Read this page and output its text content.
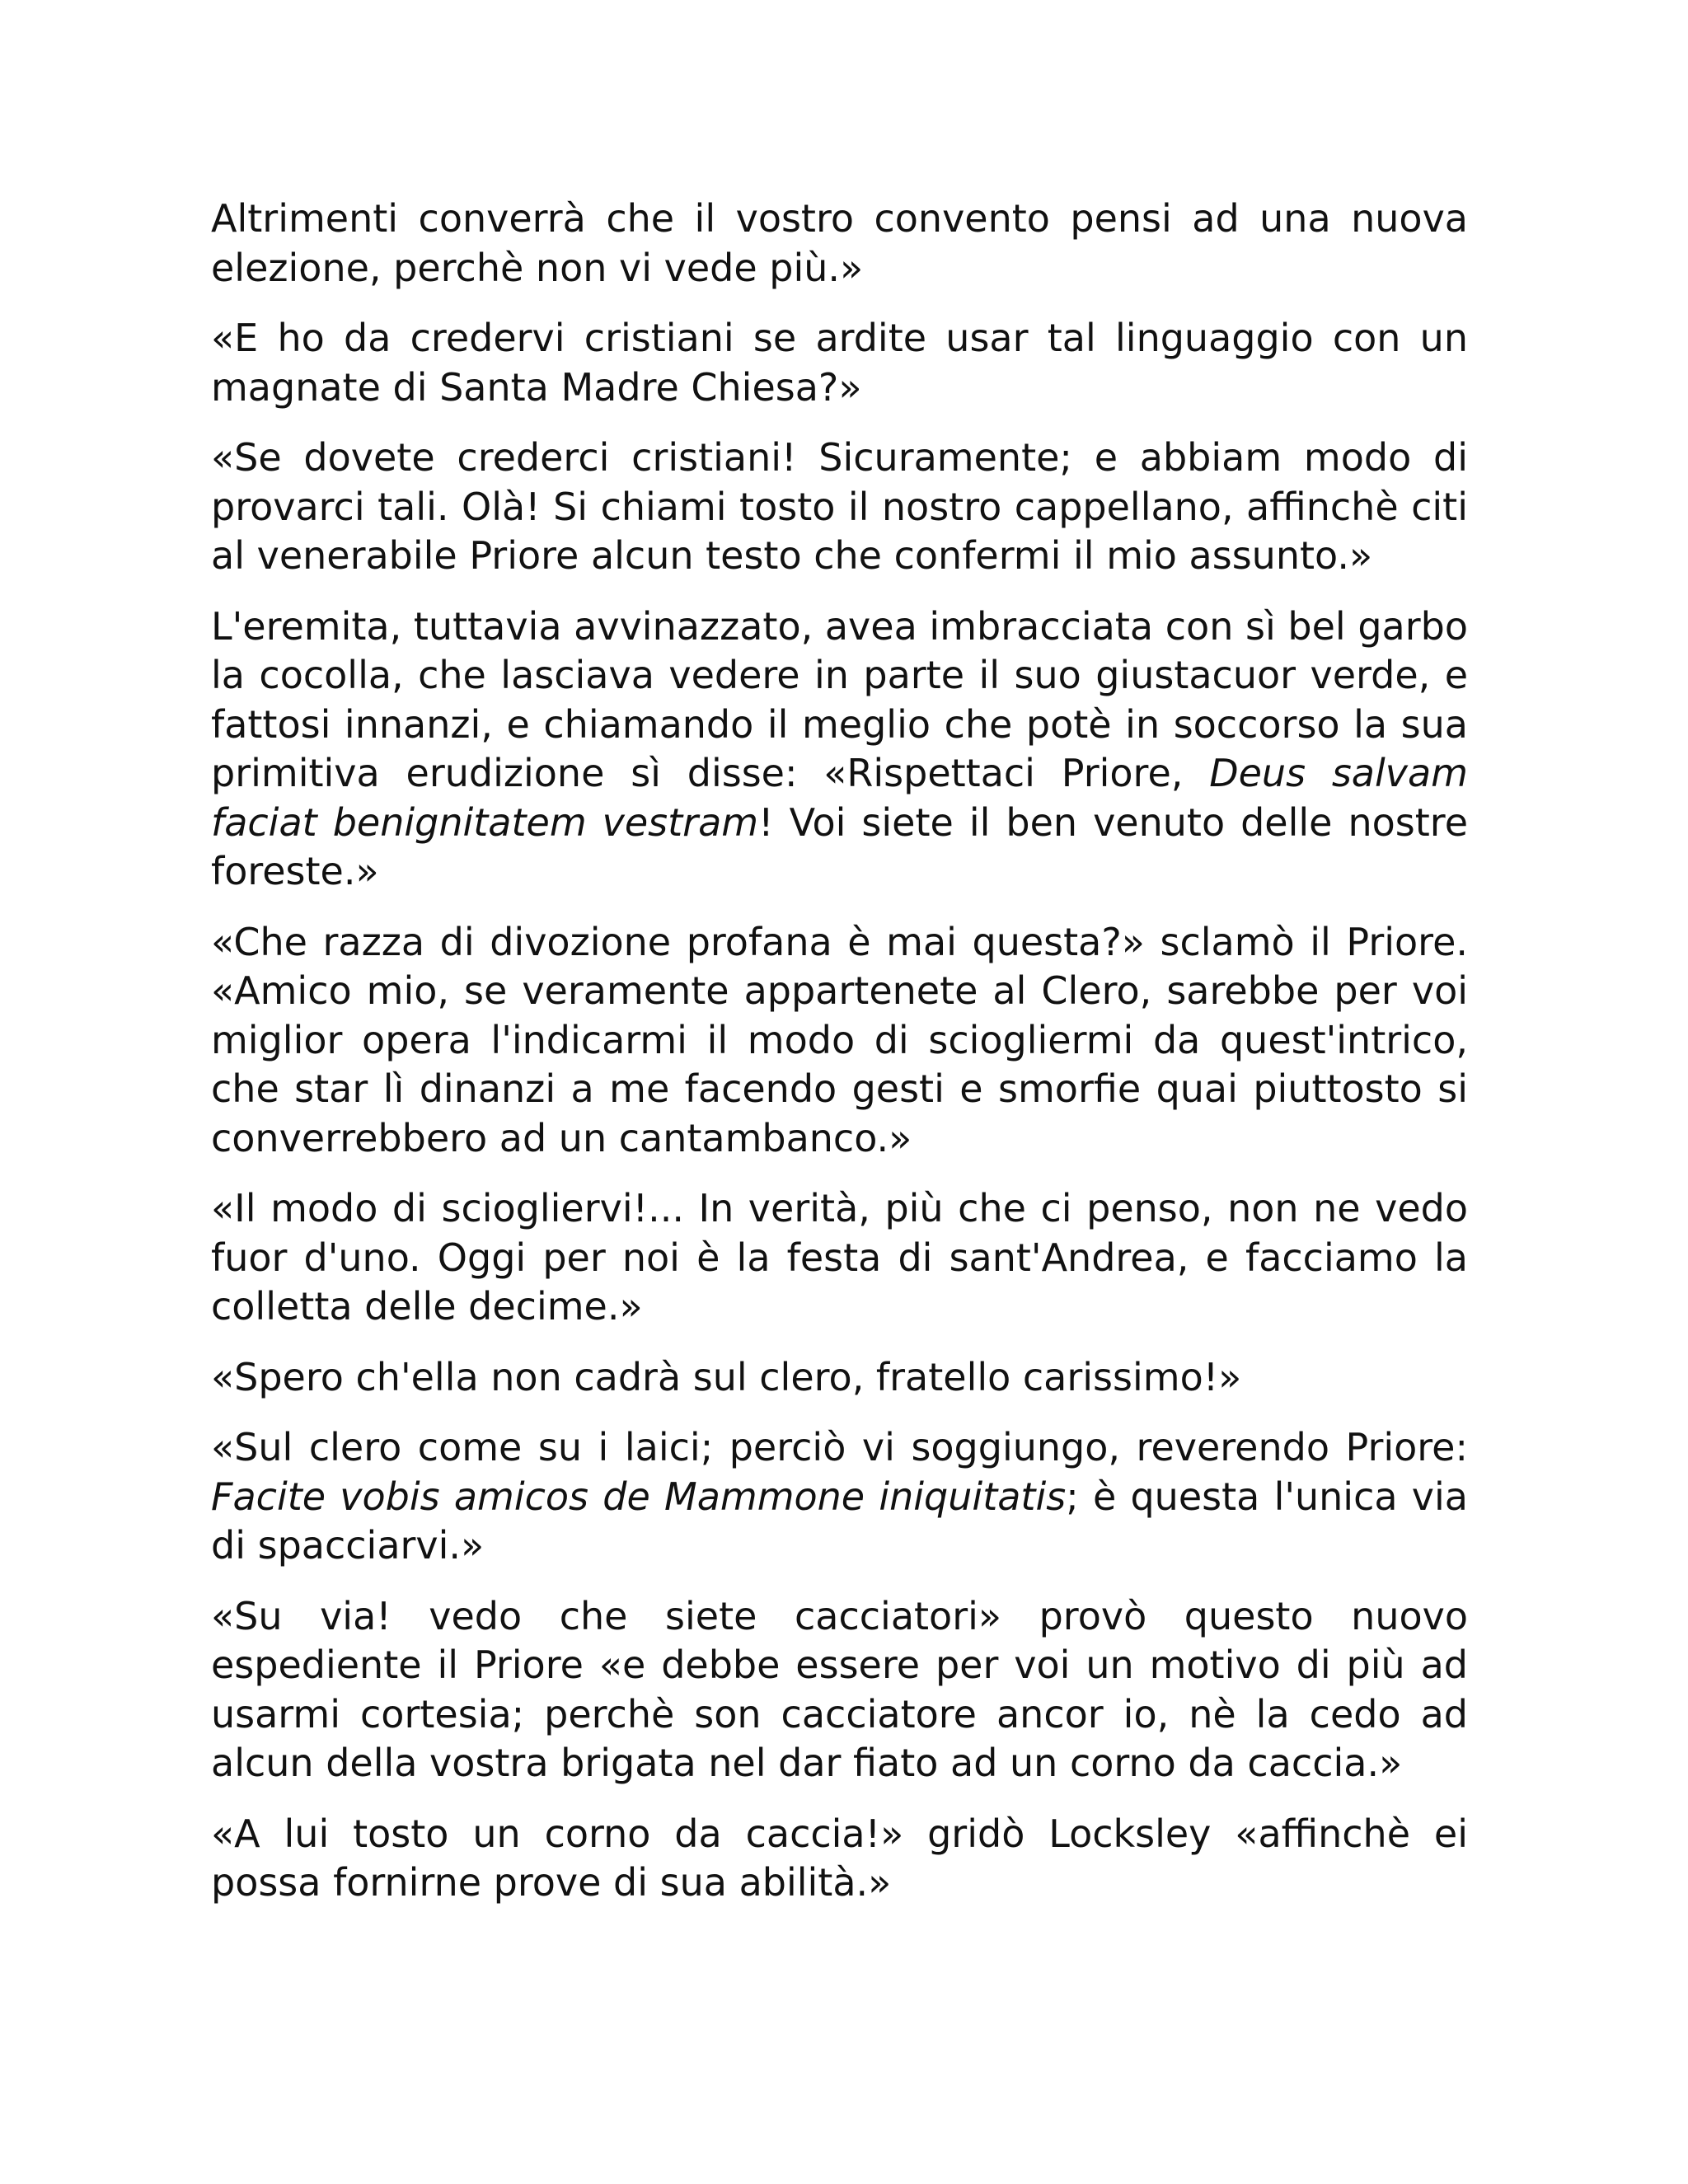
Altrimenti converrà che il vostro convento pensi ad una nuova elezione, perchè non vi vede più.»

«E ho da credervi cristiani se ardite usar tal linguaggio con un magnate di Santa Madre Chiesa?»

«Se dovete crederci cristiani! Sicuramente; e abbiam modo di provarci tali. Olà! Si chiami tosto il nostro cappellano, affinchè citi al venerabile Priore alcun testo che confermi il mio assunto.»

L'eremita, tuttavia avvinazzato, avea imbracciata con sì bel garbo la cocolla, che lasciava vedere in parte il suo giustacuor verde, e fattosi innanzi, e chiamando il meglio che potè in soccorso la sua primitiva erudizione sì disse: «Rispettaci Priore, Deus salvam faciat benignitatem vestram! Voi siete il ben venuto delle nostre foreste.»

«Che razza di divozione profana è mai questa?» sclamò il Priore. «Amico mio, se veramente appartenete al Clero, sarebbe per voi miglior opera l'indicarmi il modo di sciogliermi da quest'intrico, che star lì dinanzi a me facendo gesti e smorfie quai piuttosto si converrebbero ad un cantambanco.»

«Il modo di sciogliervi!... In verità, più che ci penso, non ne vedo fuor d'uno. Oggi per noi è la festa di sant'Andrea, e facciamo la colletta delle decime.»

«Spero ch'ella non cadrà sul clero, fratello carissimo!»

«Sul clero come su i laici; perciò vi soggiungo, reverendo Priore: Facite vobis amicos de Mammone iniquitatis; è questa l'unica via di spacciarvi.»

«Su via! vedo che siete cacciatori» provò questo nuovo espediente il Priore «e debbe essere per voi un motivo di più ad usarmi cortesia; perchè son cacciatore ancor io, nè la cedo ad alcun della vostra brigata nel dar fiato ad un corno da caccia.»

«A lui tosto un corno da caccia!» gridò Locksley «affinchè ei possa fornirne prove di sua abilità.»
